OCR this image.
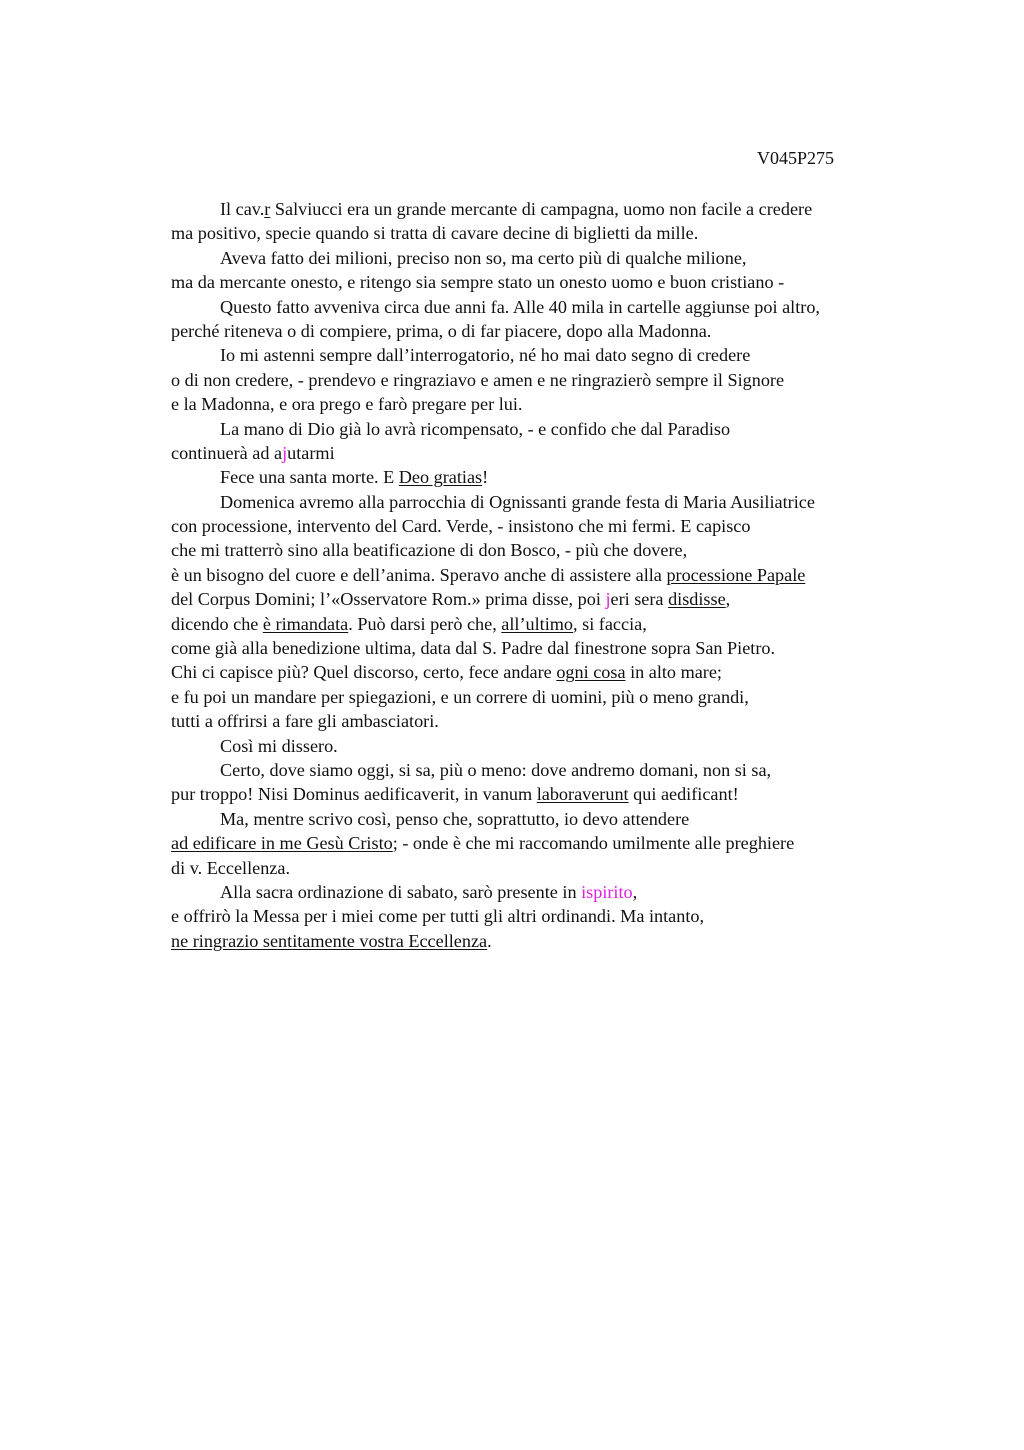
V045P275
Il cav.r Salviucci era un grande mercante di campagna, uomo non facile a credere
ma positivo, specie quando si tratta di cavare decine di biglietti da mille.
Aveva fatto dei milioni, preciso non so, ma certo più di qualche milione,
ma da mercante onesto, e ritengo sia sempre stato un onesto uomo e buon cristiano -
Questo fatto avveniva circa due anni fa. Alle 40 mila in cartelle aggiunse poi altro,
perché riteneva o di compiere, prima, o di far piacere, dopo alla Madonna.
Io mi astenni sempre dall’interrogatorio, né ho mai dato segno di credere
o di non credere, - prendevo e ringraziavo e amen e ne ringrazierò sempre il Signore
e la Madonna, e ora prego e farò pregare per lui.
La mano di Dio già lo avrà ricompensato, - e confido che dal Paradiso
continuerà ad ajutarmi
Fece una santa morte. E Deo gratias!
Domenica avremo alla parrocchia di Ognissanti grande festa di Maria Ausiliatrice
con processione, intervento del Card. Verde, - insistono che mi fermi. E capisco
che mi tratterrò sino alla beatificazione di don Bosco, - più che dovere,
è un bisogno del cuore e dell’anima. Speravo anche di assistere alla processione Papale
del Corpus Domini; l’«Osservatore Rom.» prima disse, poi jeri sera disdisse,
dicendo che è rimandata. Può darsi però che, all’ultimo, si faccia,
come già alla benedizione ultima, data dal S. Padre dal finestrone sopra San Pietro.
Chi ci capisce più? Quel discorso, certo, fece andare ogni cosa in alto mare;
e fu poi un mandare per spiegazioni, e un correre di uomini, più o meno grandi,
tutti a offrirsi a fare gli ambasciatori.
Così mi dissero.
Certo, dove siamo oggi, si sa, più o meno: dove andremo domani, non si sa,
pur troppo! Nisi Dominus aedificaverit, in vanum laboraverunt qui aedificant!
Ma, mentre scrivo così, penso che, soprattutto, io devo attendere
ad edificare in me Gesù Cristo; - onde è che mi raccomando umilmente alle preghiere
di v. Eccellenza.
Alla sacra ordinazione di sabato, sarò presente in ispirito,
e offrirò la Messa per i miei come per tutti gli altri ordinandi. Ma intanto,
ne ringrazio sentitamente vostra Eccellenza.
